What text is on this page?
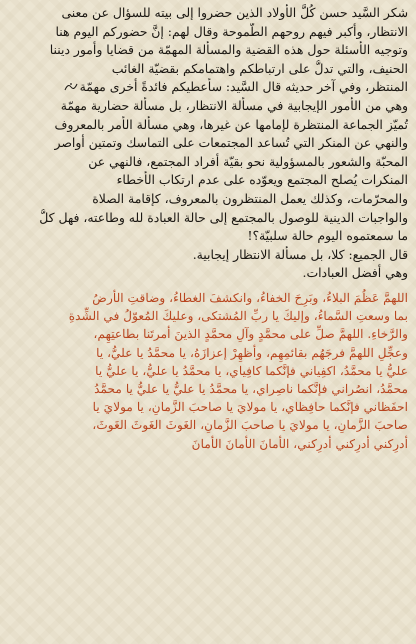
شكر السَّيد حسن كُلَّ الأولاد الذين حضروا إلى بيته للسؤال عن معنى
الانتظار، وأكبر فيهم روحهم الطّموحة وقال لهم: إنَّ حضوركم اليوم هنا
وتوجيه الأسئلة حول هذه القضية والمسألة المهمّة من قضايا وأمور ديننا
الحنيف، والتي تدلُّ على ارتباطكم واهتمامكم بقضيّة الغائب
المنتظر، وفي آخر حديثه قال السَّيد: سأعطيكم فائدةً أخرى مهمّة
وهي من الأمور الإيجابية في مسألة الانتظار، بل مسألة حضارية مهمّة
تُميّز الجماعة المنتظرة لإمامها عن غيرها، وهي مسألة الأمر بالمعروف
والنهي عن المنكر التي تُساعد المجتمعات على التماسك وتمتين أواصر
المحبّة والشعور بالمسؤولية نحو بقيّة أفراد المجتمع، فالنهي عن
المنكرات يُصلح المجتمع ويعوّده على عدم ارتكاب الأخطاء
والمحرّمات، وكذلك يعمل المنتظرون بالمعروف، كإقامة الصلاة
والواجبات الدينية للوصول بالمجتمع إلى حالة العبادة لله وطاعته، فهل كلُّ
ما سمعتموه اليوم حالة سلبيّة؟!
قال الجميع: كلا، بل مسألة الانتظار إيجابية.
وهي أفضل العبادات.
اللهمَّ عَظُمَ البلاءُ، وبَرِحَ الخفاءُ، وانكشفَ الغطاءُ، وضاقتِ الأرضُ
بما وسعتِ السَّماءُ، وإليكَ يا ربِّ المُشتكى، وعليكَ المُعوّلُ في الشِّدةِ
والرَّخاءِ. اللهمَّ صلِّ على محمَّدٍ وآلِ محمَّدٍ الذينَ أمرتَنا بطاعتِهِم،
وعجِّلِ اللهمَّ فرجَهُم بقائمِهِم، وأظهِرْ إعزازَهُ، يا محمَّدُ يا عليُّ، يا
عليُّ يا محمَّدُ، اكفِياني فإنَّكما كافِياي، يا محمَّدُ يا عليُّ، يا عليُّ يا
محمَّدُ، انصُراني فإنَّكما ناصِراي، يا محمَّدُ يا عليُّ يا عليُّ يا محمَّدُ
احفَظاني فإنَّكما حافِظاي، يا مولايَ يا صاحبَ الزَّمانِ، يا مولايَ يا
صاحبَ الزَّمانِ، يا مولايَ يا صاحبَ الزَّمانِ، الغَوثَ الغَوثَ الغَوثَ،
أدرِكني أدرِكني أدرِكني، الأمانَ الأمانَ الأمانَ
